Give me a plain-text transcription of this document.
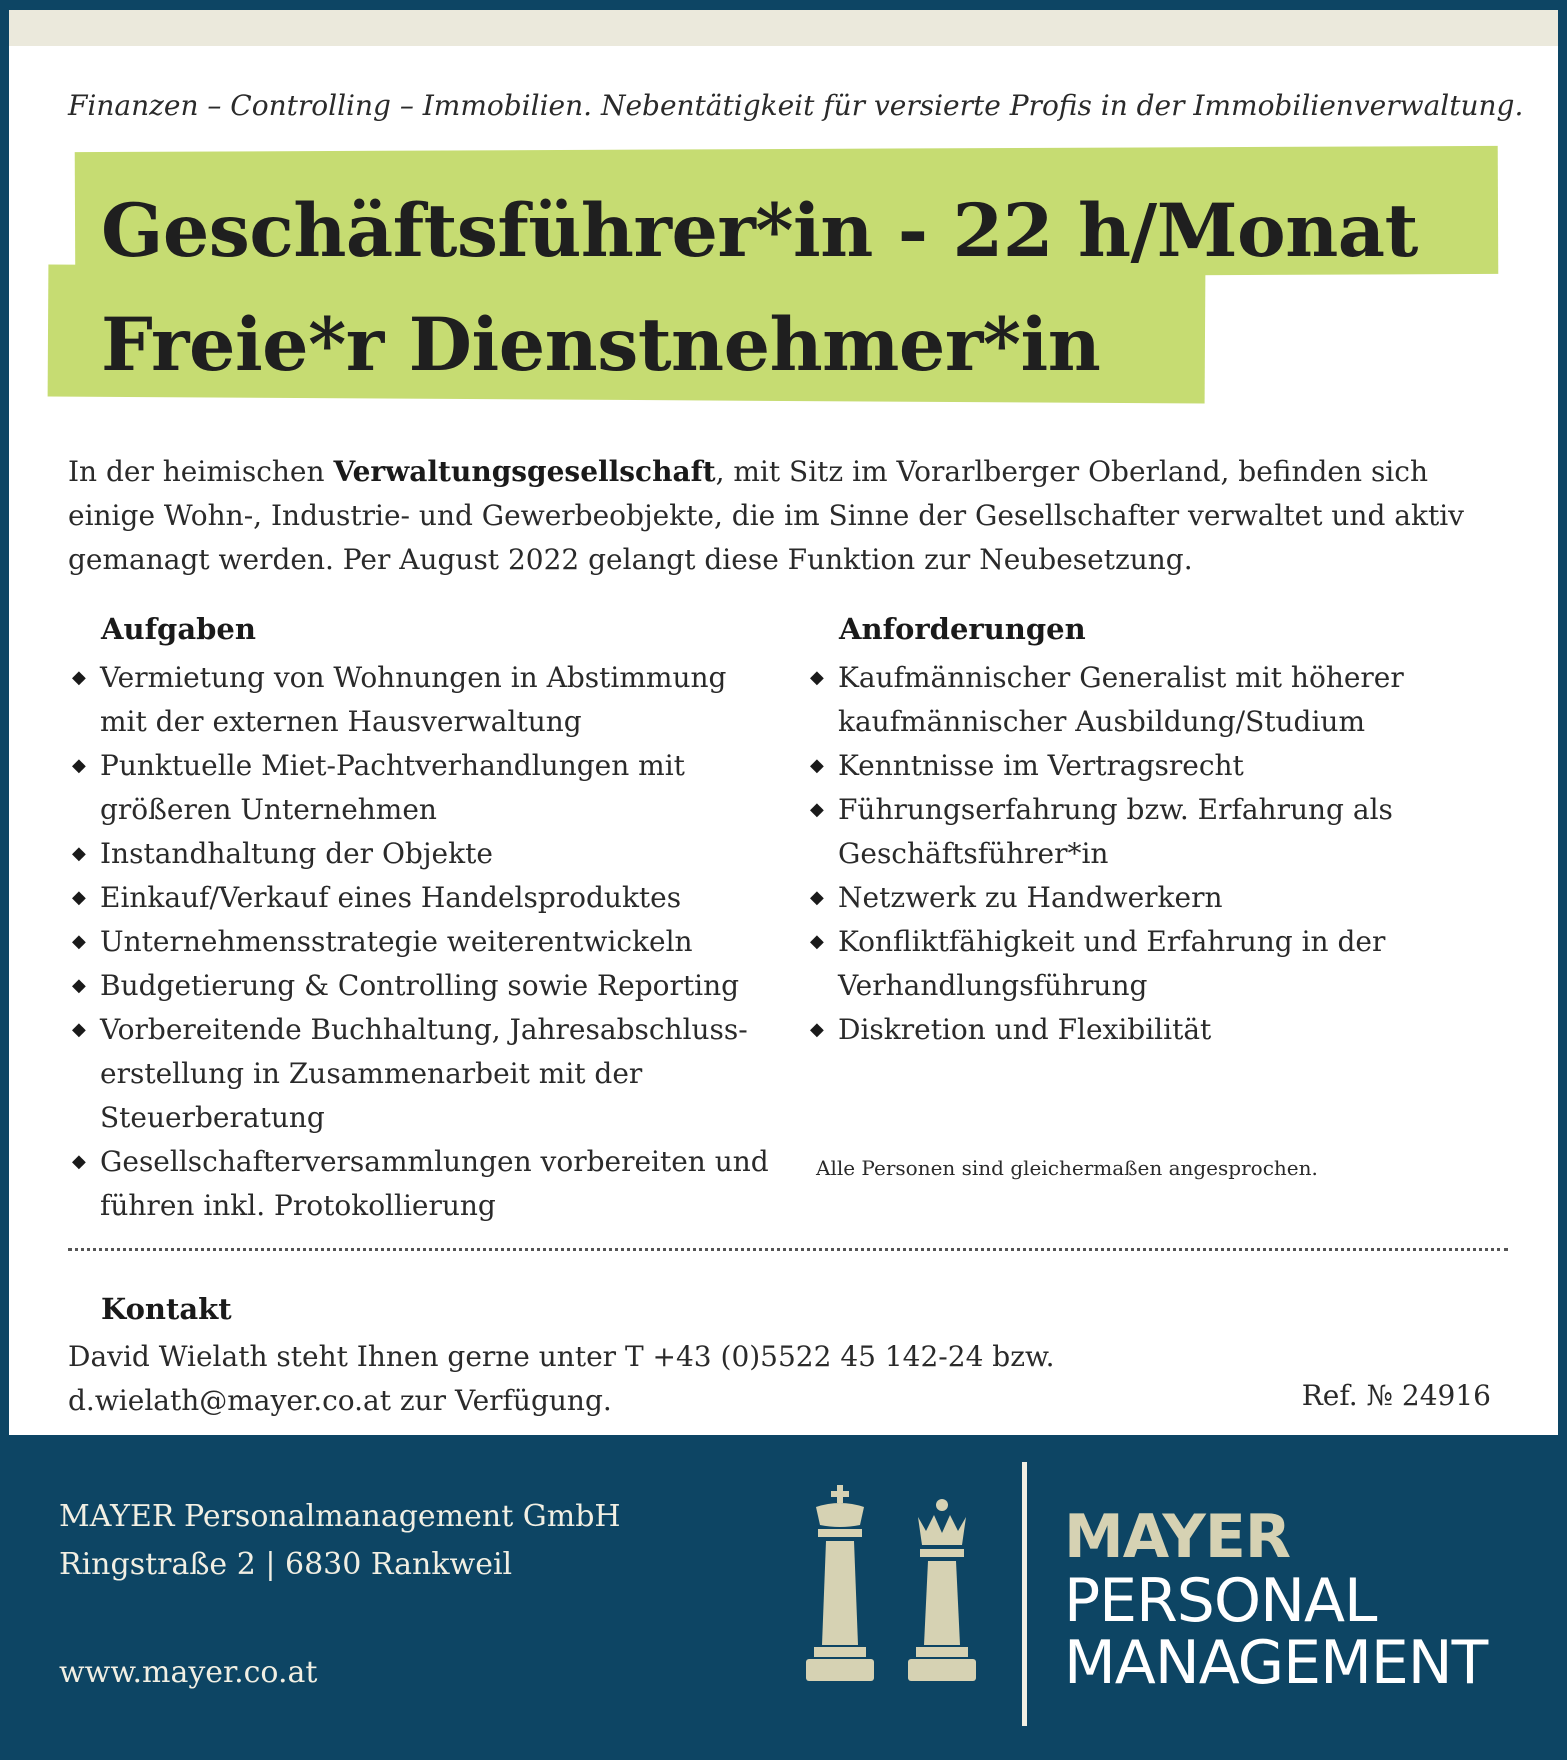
Finanzen – Controlling – Immobilien. Nebentätigkeit für versierte Profis in der Immobilienverwaltung.
Geschäftsführer*in - 22 h/Monat
Freie*r Dienstnehmer*in
In der heimischen Verwaltungsgesellschaft, mit Sitz im Vorarlberger Oberland, befinden sich einige Wohn-, Industrie- und Gewerbeobjekte, die im Sinne der Gesellschafter verwaltet und aktiv gemanagt werden. Per August 2022 gelangt diese Funktion zur Neubesetzung.
Aufgaben
◆ Vermietung von Wohnungen in Abstimmung mit der externen Hausverwaltung
◆ Punktuelle Miet-Pachtverhandlungen mit größeren Unternehmen
◆ Instandhaltung der Objekte
◆ Einkauf/Verkauf eines Handelsproduktes
◆ Unternehmensstrategie weiterentwickeln
◆ Budgetierung & Controlling sowie Reporting
◆ Vorbereitende Buchhaltung, Jahresabschluss-erstellung in Zusammenarbeit mit der Steuerberatung
◆ Gesellschafterversammlungen vorbereiten und führen inkl. Protokollierung
Anforderungen
◆ Kaufmännischer Generalist mit höherer kaufmännischer Ausbildung/Studium
◆ Kenntnisse im Vertragsrecht
◆ Führungserfahrung bzw. Erfahrung als Geschäftsführer*in
◆ Netzwerk zu Handwerkern
◆ Konfliktfähigkeit und Erfahrung in der Verhandlungsführung
◆ Diskretion und Flexibilität
Alle Personen sind gleichermaßen angesprochen.
Kontakt
David Wielath steht Ihnen gerne unter T +43 (0)5522 45 142-24 bzw.
d.wielath@mayer.co.at zur Verfügung.	Ref. № 24916
MAYER Personalmanagement GmbH
Ringstraße 2 | 6830 Rankweil
www.mayer.co.at
MAYER
PERSONAL
MANAGEMENT
